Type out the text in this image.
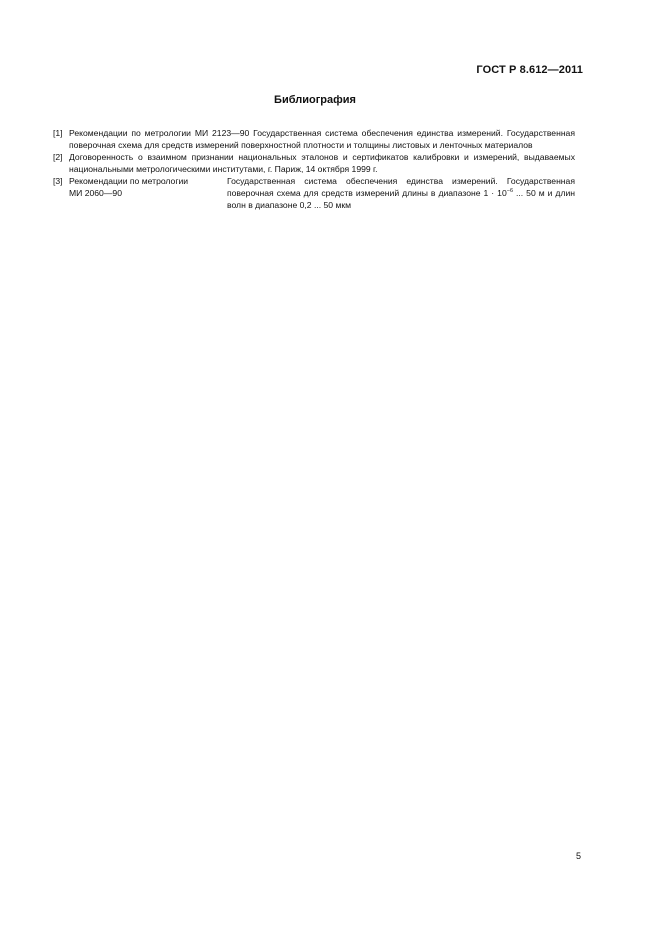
ГОСТ Р 8.612—2011
Библиография
[1] Рекомендации по метрологии МИ 2123—90 Государственная система обеспечения единства измерений. Государственная поверочная схема для средств измерений поверхностной плотности и толщины листовых и ленточных материалов
[2] Договоренность о взаимном признании национальных эталонов и сертификатов калибровки и измерений, выдаваемых национальными метрологическими институтами, г. Париж, 14 октября 1999 г.
[3] Рекомендации по метрологии
МИ 2060—90
Государственная система обеспечения единства измерений. Государственная поверочная схема для средств измерений длины в диапазоне $1 \cdot 10^{-6}$ ... 50 м и длин волн в диапазоне 0,2 ... 50 мкм
5
